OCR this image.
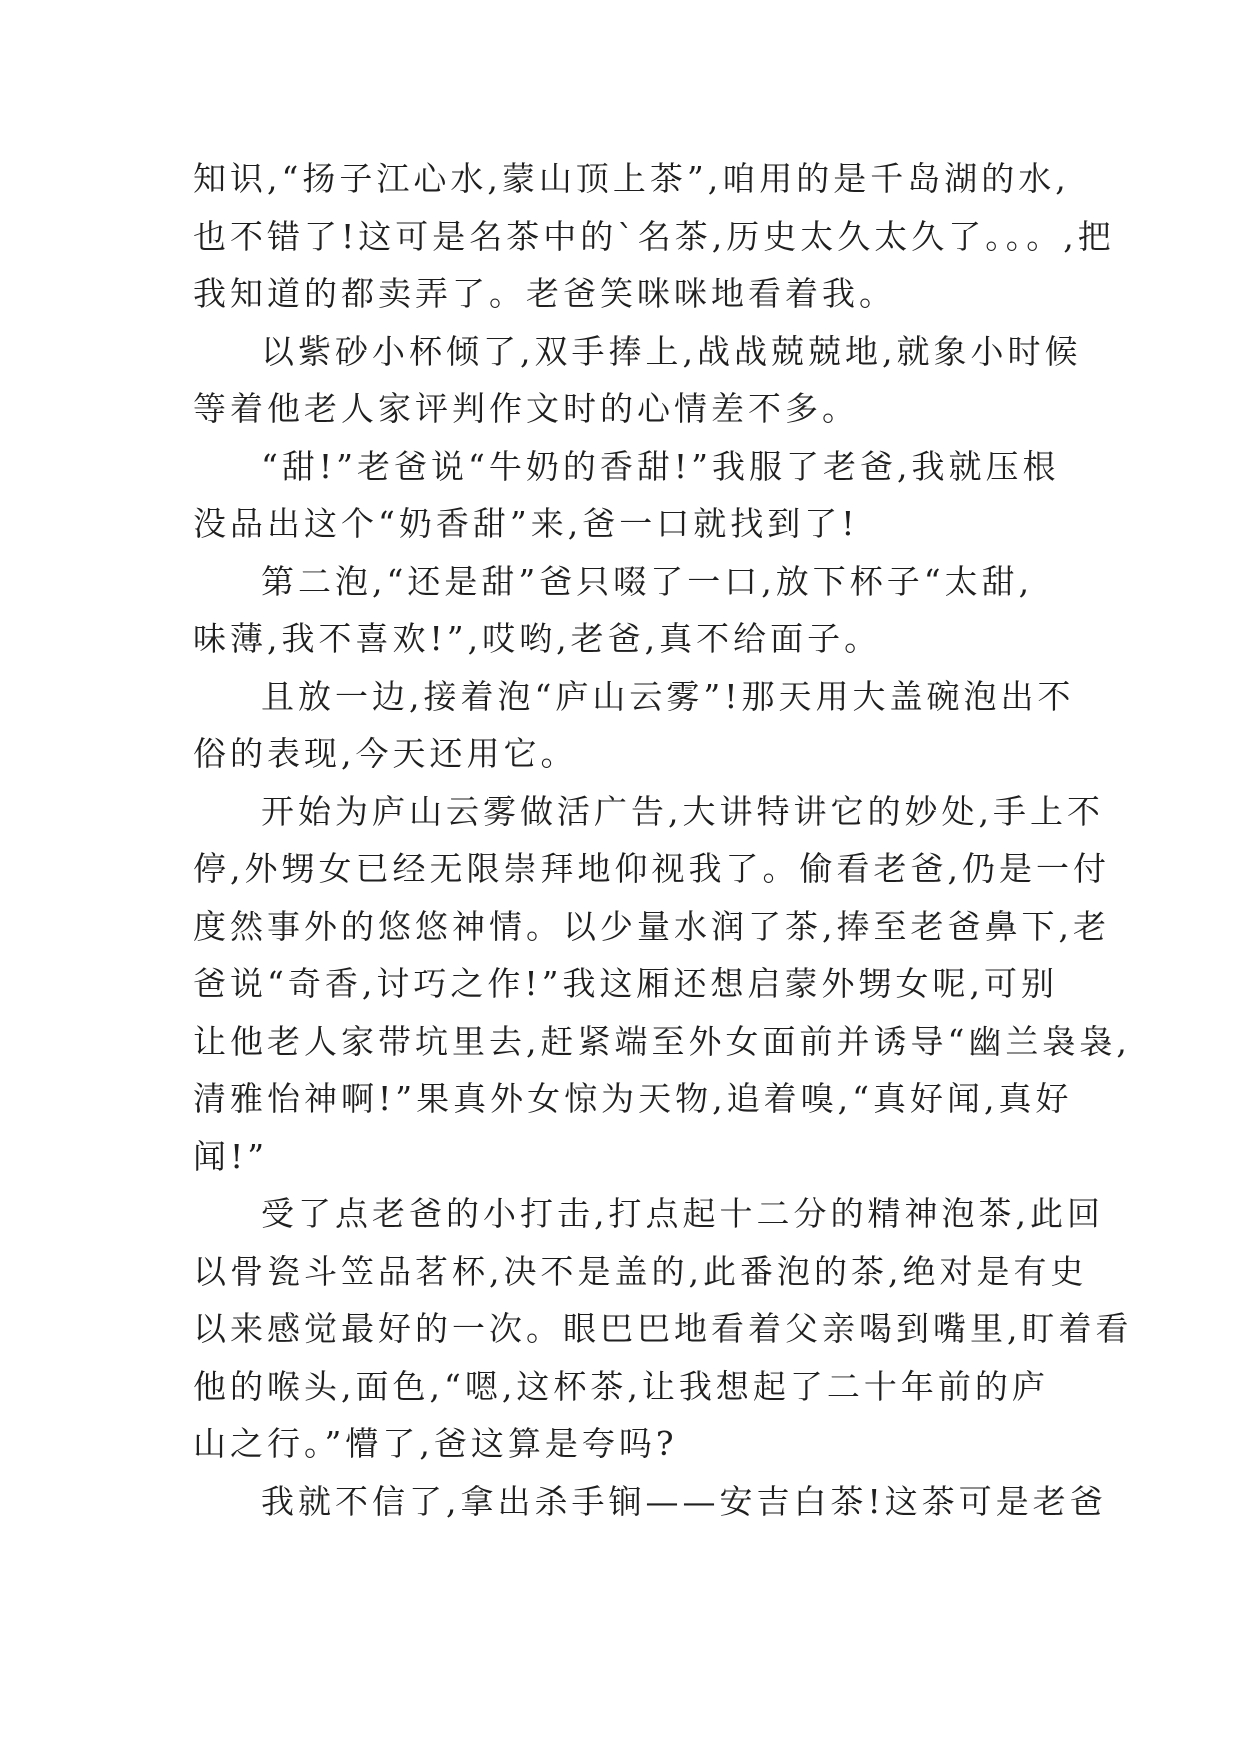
知识,“扬子江心水,蒙山顶上茶”,咱用的是千岛湖的水,
也不错了!这可是名茶中的`名茶,历史太久太久了。。。,把
我知道的都卖弄了。老爸笑咪咪地看着我。
以紫砂小杯倾了,双手捧上,战战兢兢地,就象小时候
等着他老人家评判作文时的心情差不多。
“甜!”老爸说“牛奶的香甜!”我服了老爸,我就压根
没品出这个“奶香甜”来,爸一口就找到了!
第二泡,“还是甜”爸只啜了一口,放下杯子“太甜,
味薄,我不喜欢!”,哎哟,老爸,真不给面子。
且放一边,接着泡“庐山云雾”!那天用大盖碗泡出不
俗的表现,今天还用它。
开始为庐山云雾做活广告,大讲特讲它的妙处,手上不
停,外甥女已经无限崇拜地仰视我了。偷看老爸,仍是一付
度然事外的悠悠神情。以少量水润了茶,捧至老爸鼻下,老
爸说“奇香,讨巧之作!”我这厢还想启蒙外甥女呢,可别
让他老人家带坑里去,赶紧端至外女面前并诱导“幽兰袅袅,
清雅怡神啊!”果真外女惊为天物,追着嗅,“真好闻,真好
闻!”
受了点老爸的小打击,打点起十二分的精神泡茶,此回
以骨瓷斗笠品茗杯,决不是盖的,此番泡的茶,绝对是有史
以来感觉最好的一次。眼巴巴地看着父亲喝到嘴里,盯着看
他的喉头,面色,“嗯,这杯茶,让我想起了二十年前的庐
山之行。”懵了,爸这算是夸吗?
我就不信了,拿出杀手锏——安吉白茶!这茶可是老爸
